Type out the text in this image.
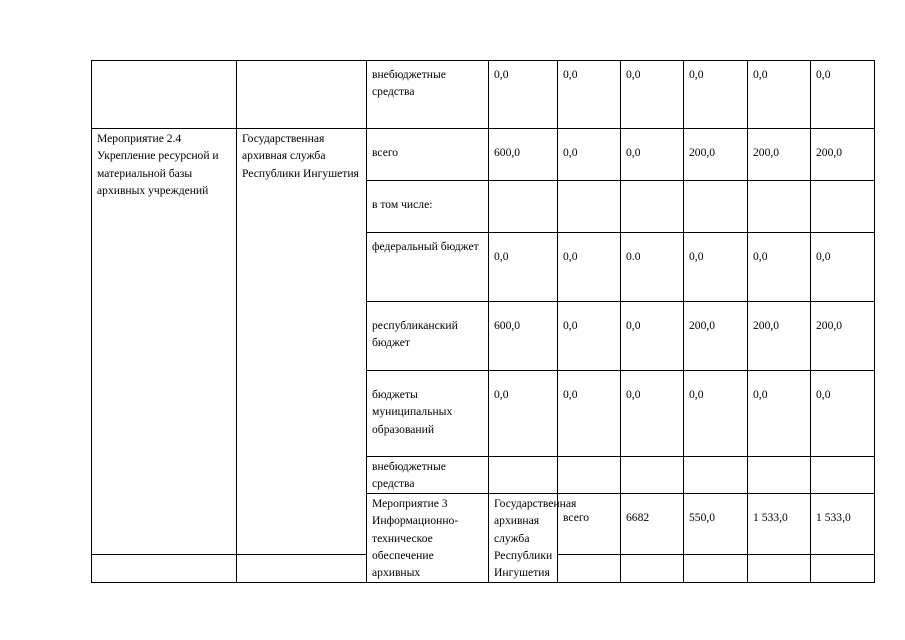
		внебюджетные средства	0,0	0,0	0,0	0,0	0,0	0,0	
Мероприятие 2.4 Укрепление ресурсной и материальной базы архивных учреждений	Государственная архивная служба Республики Ингушетия	всего	600,0	0,0	0,0	200,0	200,0	200,0	
		в том числе:							
		федеральный бюджет	0,0	0,0	0.0	0,0	0,0	0,0	
		республиканский бюджет	600,0	0,0	0,0	200,0	200,0	200,0	
		бюджеты муниципальных образований	0,0	0,0	0,0	0,0	0,0	0,0	
		внебюджетные средства							
		Мероприятие 3 Информационно-техническое обеспечение архивных	Государственная архивная служба Республики Ингушетия	всего	6682	550,0	1 533,0	1 533,0		
